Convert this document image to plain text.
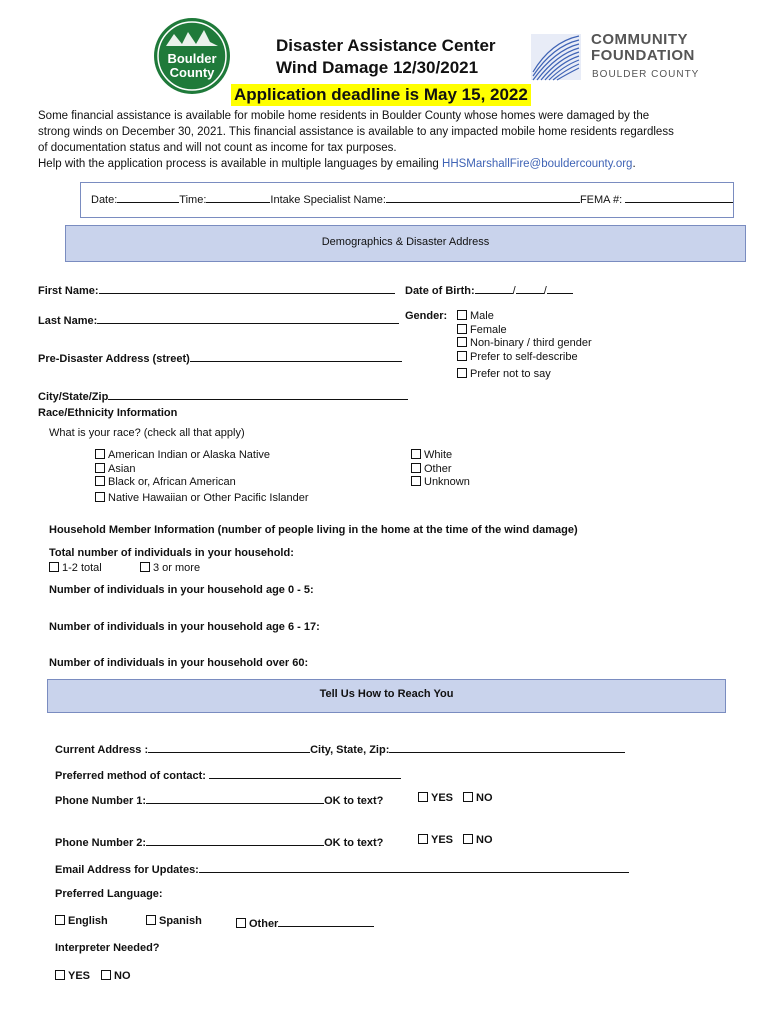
Boulder
County
Disaster Assistance Center
Wind Damage 12/30/2021
Application deadline is May 15, 2022
COMMUNITY
FOUNDATION
BOULDER COUNTY
Some financial assistance is available for mobile home residents in Boulder County whose homes were damaged by the
strong winds on December 30, 2021. This financial assistance is available to any impacted mobile home residents regardless
of documentation status and will not count as income for tax purposes.
Help with the application process is available in multiple languages by emailing HHSMarshallFire@bouldercounty.org.
Date:	Time:	Intake Specialist Name:	FEMA #:
Demographics & Disaster Address
First Name:	Date of Birth:	/	/
Last Name:	Gender:	Male
Female
Non-binary / third gender
Prefer to self-describe
Prefer not to say
Pre-Disaster Address (street)
City/State/Zip
Race/Ethnicity Information
What is your race? (check all that apply)
American Indian or Alaska Native
Asian
Black or, African American
Native Hawaiian or Other Pacific Islander
White
Other
Unknown
Household Member Information (number of people living in the home at the time of the wind damage)
Total number of individuals in your household:
1-2 total	3 or more
Number of individuals in your household age 0 - 5:
Number of individuals in your household age 6 - 17:
Number of individuals in your household over 60:
Tell Us How to Reach You
Current Address :	City, State, Zip:
Preferred method of contact:
Phone Number 1:	OK to text?	YES	NO
Phone Number 2:	OK to text?	YES	NO
Email Address for Updates:
Preferred Language:
English	Spanish	Other
Interpreter Needed?
YES	NO
